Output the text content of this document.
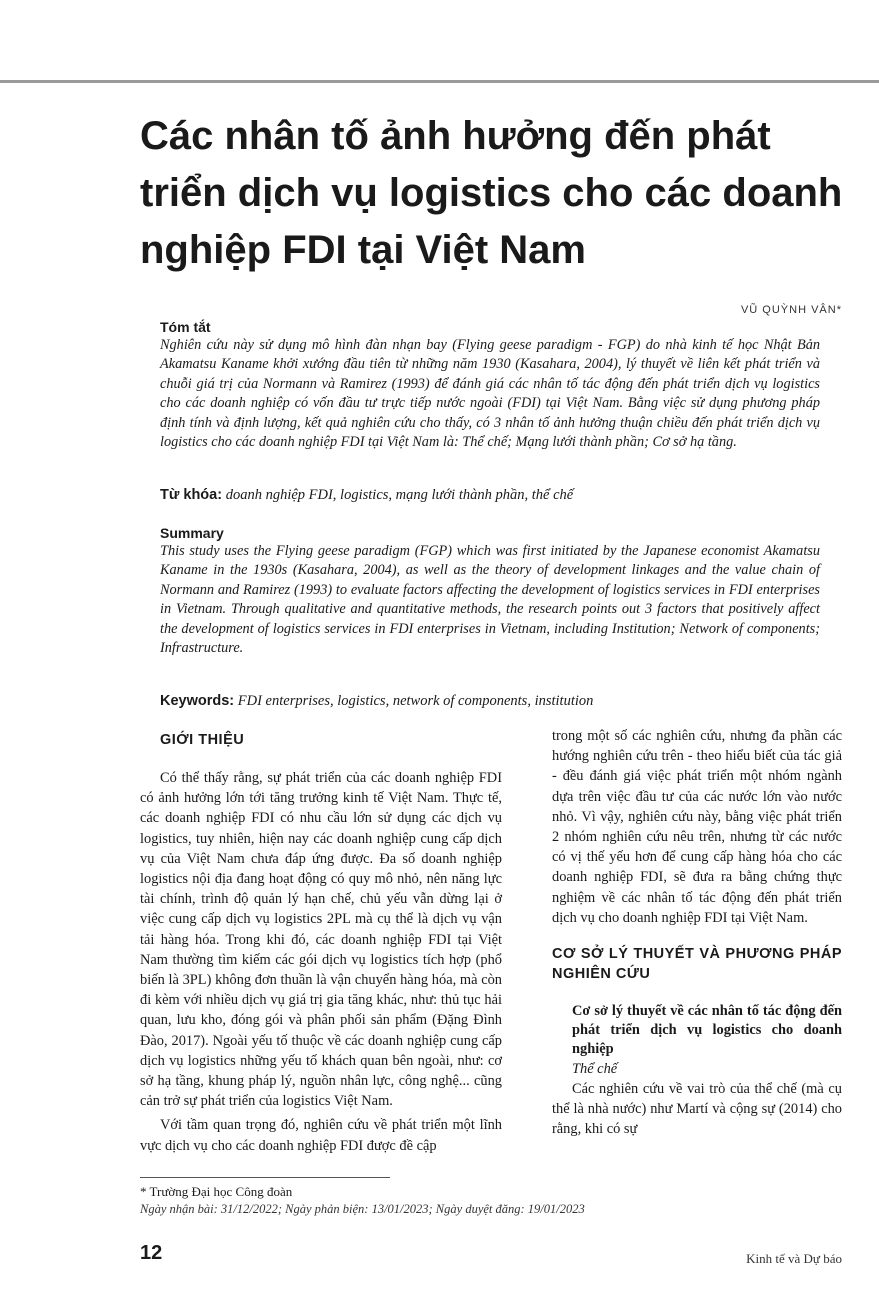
Các nhân tố ảnh hưởng đến phát triển dịch vụ logistics cho các doanh nghiệp FDI tại Việt Nam
VŨ QUỲNH VÂN*
Tóm tắt
Nghiên cứu này sử dụng mô hình đàn nhạn bay (Flying geese paradigm - FGP) do nhà kinh tế học Nhật Bản Akamatsu Kaname khởi xướng đầu tiên từ những năm 1930 (Kasahara, 2004), lý thuyết về liên kết phát triển và chuỗi giá trị của Normann và Ramirez (1993) để đánh giá các nhân tố tác động đến phát triển dịch vụ logistics cho các doanh nghiệp có vốn đầu tư trực tiếp nước ngoài (FDI) tại Việt Nam. Bằng việc sử dụng phương pháp định tính và định lượng, kết quả nghiên cứu cho thấy, có 3 nhân tố ảnh hưởng thuận chiều đến phát triển dịch vụ logistics cho các doanh nghiệp FDI tại Việt Nam là: Thể chế; Mạng lưới thành phần; Cơ sở hạ tầng.
Từ khóa: doanh nghiệp FDI, logistics, mạng lưới thành phần, thể chế
Summary
This study uses the Flying geese paradigm (FGP) which was first initiated by the Japanese economist Akamatsu Kaname in the 1930s (Kasahara, 2004), as well as the theory of development linkages and the value chain of Normann and Ramirez (1993) to evaluate factors affecting the development of logistics services in FDI enterprises in Vietnam. Through qualitative and quantitative methods, the research points out 3 factors that positively affect the development of logistics services in FDI enterprises in Vietnam, including Institution; Network of components; Infrastructure.
Keywords: FDI enterprises, logistics, network of components, institution
GIỚI THIỆU

Có thể thấy rằng, sự phát triển của các doanh nghiệp FDI có ảnh hưởng lớn tới tăng trưởng kinh tế Việt Nam. Thực tế, các doanh nghiệp FDI có nhu cầu lớn sử dụng các dịch vụ logistics, tuy nhiên, hiện nay các doanh nghiệp cung cấp dịch vụ của Việt Nam chưa đáp ứng được. Đa số doanh nghiệp logistics nội địa đang hoạt động có quy mô nhỏ, nên năng lực tài chính, trình độ quản lý hạn chế, chủ yếu vẫn dừng lại ở việc cung cấp dịch vụ logistics 2PL mà cụ thể là dịch vụ vận tải hàng hóa. Trong khi đó, các doanh nghiệp FDI tại Việt Nam thường tìm kiếm các gói dịch vụ logistics tích hợp (phổ biến là 3PL) không đơn thuần là vận chuyển hàng hóa, mà còn đi kèm với nhiều dịch vụ giá trị gia tăng khác, như: thủ tục hải quan, lưu kho, đóng gói và phân phối sản phẩm (Đặng Đình Đào, 2017). Ngoài yếu tố thuộc về các doanh nghiệp cung cấp dịch vụ logistics những yếu tố khách quan bên ngoài, như: cơ sở hạ tầng, khung pháp lý, nguồn nhân lực, công nghệ... cũng cản trở sự phát triển của logistics Việt Nam.

Với tầm quan trọng đó, nghiên cứu về phát triển một lĩnh vực dịch vụ cho các doanh nghiệp FDI được đề cập

trong một số các nghiên cứu, nhưng đa phần các hướng nghiên cứu trên - theo hiểu biết của tác giả - đều đánh giá việc phát triển một nhóm ngành dựa trên việc đầu tư của các nước lớn vào nước nhỏ. Vì vậy, nghiên cứu này, bằng việc phát triển 2 nhóm nghiên cứu nêu trên, nhưng từ các nước có vị thế yếu hơn để cung cấp hàng hóa cho các doanh nghiệp FDI, sẽ đưa ra bằng chứng thực nghiệm về các nhân tố tác động đến phát triển dịch vụ cho doanh nghiệp FDI tại Việt Nam.
CƠ SỞ LÝ THUYẾT VÀ PHƯƠNG PHÁP NGHIÊN CỨU
Cơ sở lý thuyết về các nhân tố tác động đến phát triển dịch vụ logistics cho doanh nghiệp
Thể chế

Các nghiên cứu về vai trò của thể chế (mà cụ thể là nhà nước) như Martí và cộng sự (2014) cho rằng, khi có sự

* Trường Đại học Công đoàn
Ngày nhận bài: 31/12/2022; Ngày phản biện: 13/01/2023; Ngày duyệt đăng: 19/01/2023
12	Kinh tế và Dự báo
